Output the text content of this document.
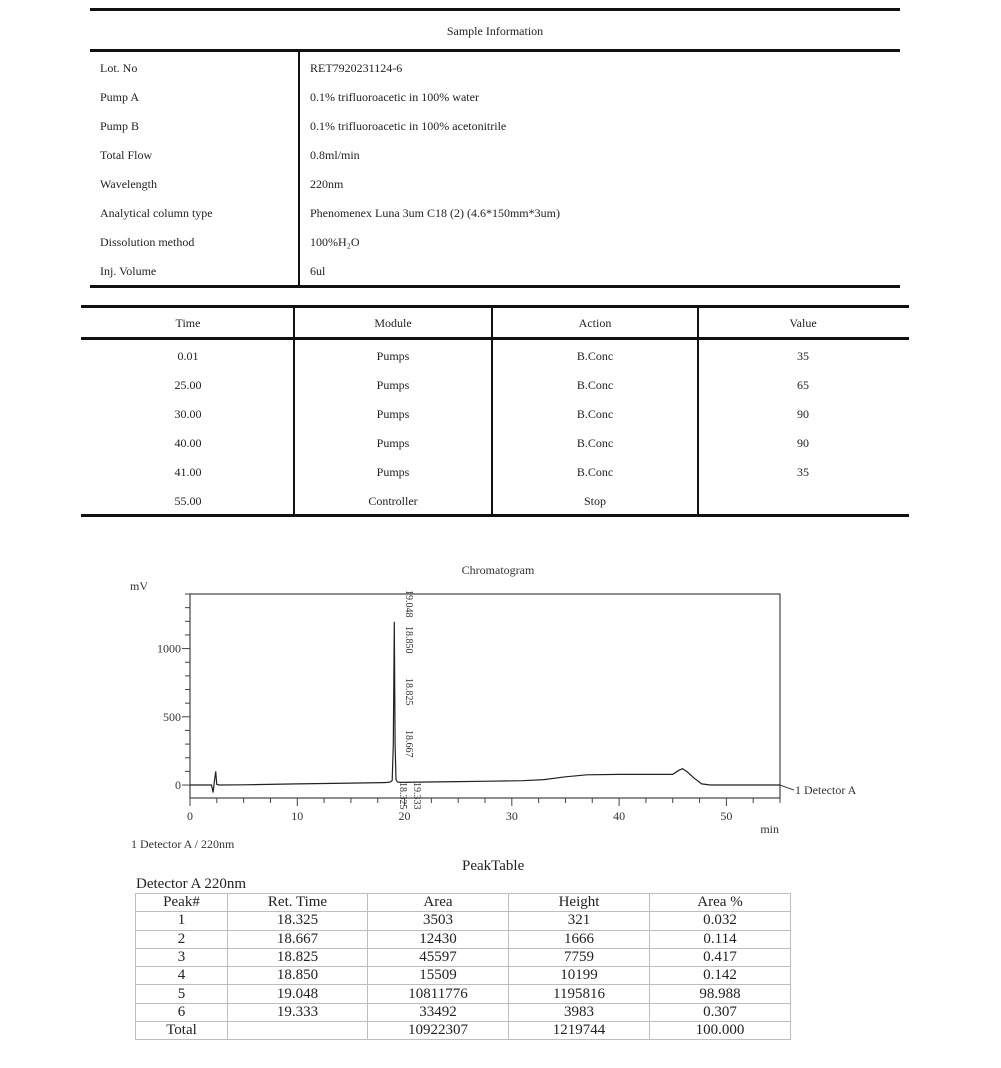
Sample Information
Lot. No	RET7920231124-6
Pump A	0.1% trifluoroacetic in 100% water
Pump B	0.1% trifluoroacetic in 100% acetonitrile
Total Flow	0.8ml/min
Wavelength	220nm
Analytical column type	Phenomenex Luna 3um C18 (2) (4.6*150mm*3um)
Dissolution method	100%H₂O
Inj. Volume	6ul
Time	Module	Action	Value
0.01	Pumps	B.Conc	35
25.00	Pumps	B.Conc	65
30.00	Pumps	B.Conc	90
40.00	Pumps	B.Conc	90
41.00	Pumps	B.Conc	35
55.00	Controller	Stop
Chromatogram
mV
min
0	10	20	30	40	50
0
500
1000
18.325 19.333
18.667
18.825
18.850
19.048
1 Detector A
1 Detector A / 220nm
PeakTable
Detector A 220nm
Peak#	Ret. Time	Area	Height	Area %
1	18.325	3503	321	0.032
2	18.667	12430	1666	0.114
3	18.825	45597	7759	0.417
4	18.850	15509	10199	0.142
5	19.048	10811776	1195816	98.988
6	19.333	33492	3983	0.307
Total		10922307	1219744	100.000
